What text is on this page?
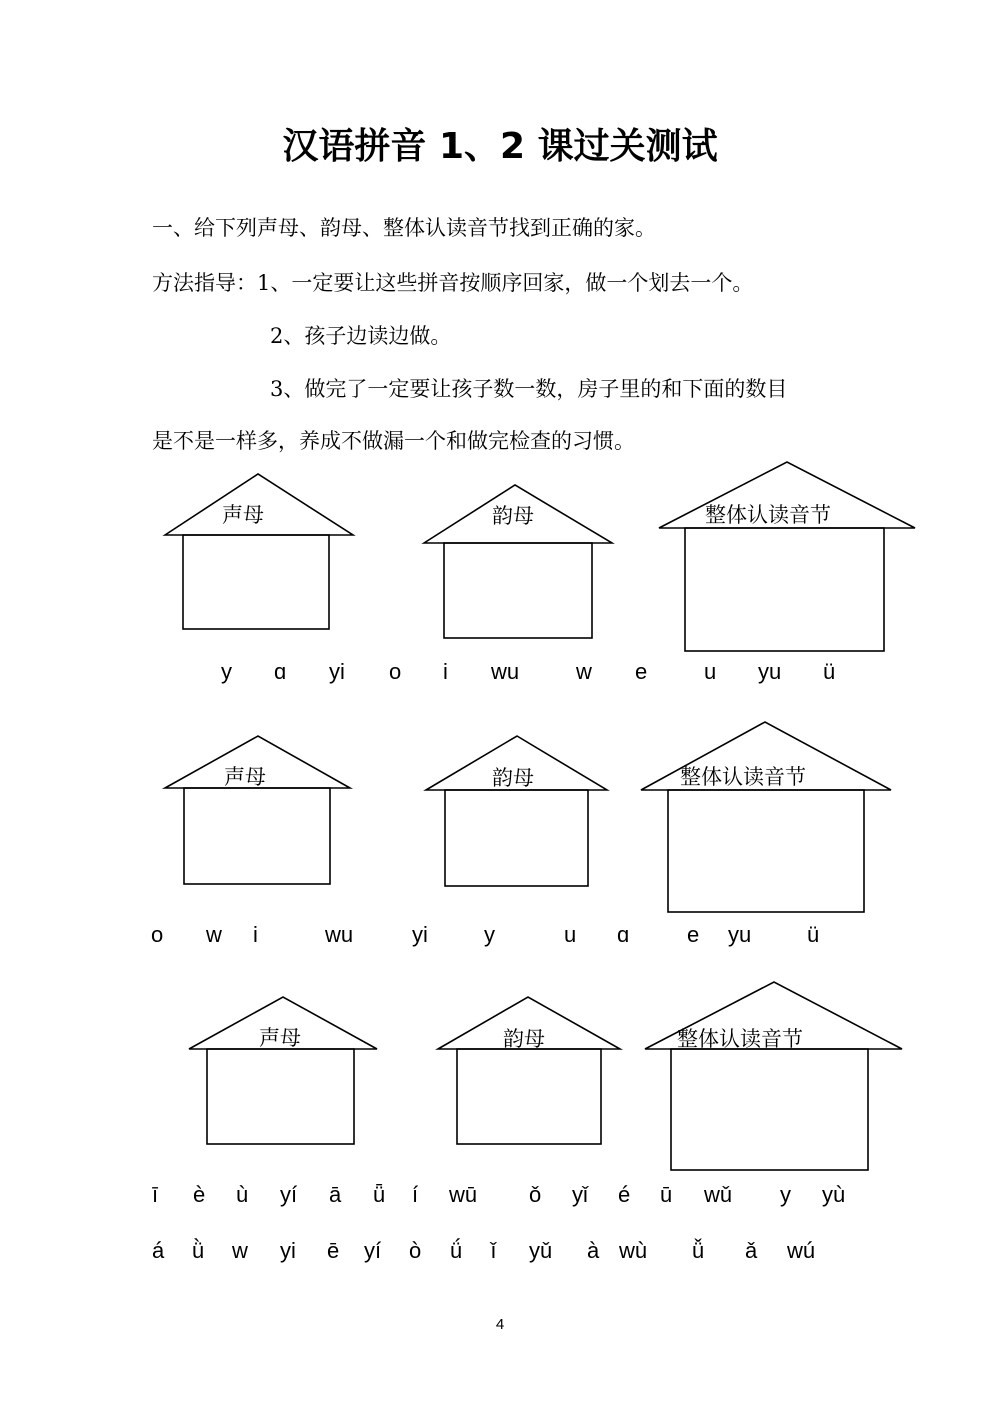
汉语拼音 1、2 课过关测试
一、给下列声母、韵母、整体认读音节找到正确的家。
方法指导：1、一定要让这些拼音按顺序回家，做一个划去一个。
2、孩子边读边做。
3、做完了一定要让孩子数一数，房子里的和下面的数目
是不是一样多，养成不做漏一个和做完检查的习惯。
声母	韵母	整体认读音节
声母	韵母	整体认读音节
声母	韵母	整体认读音节
y ɑ yi o i wu	w e	u yu ü
o w i	wu	yi	y	u ɑ	e yu	ü
ī è ù yí ā ǖ í wū ǒ yǐ é ū wǔ y yù
á ǜ w yi ē yí ò ǘ ǐ yǔ à wù ǚ ǎ wú
4
